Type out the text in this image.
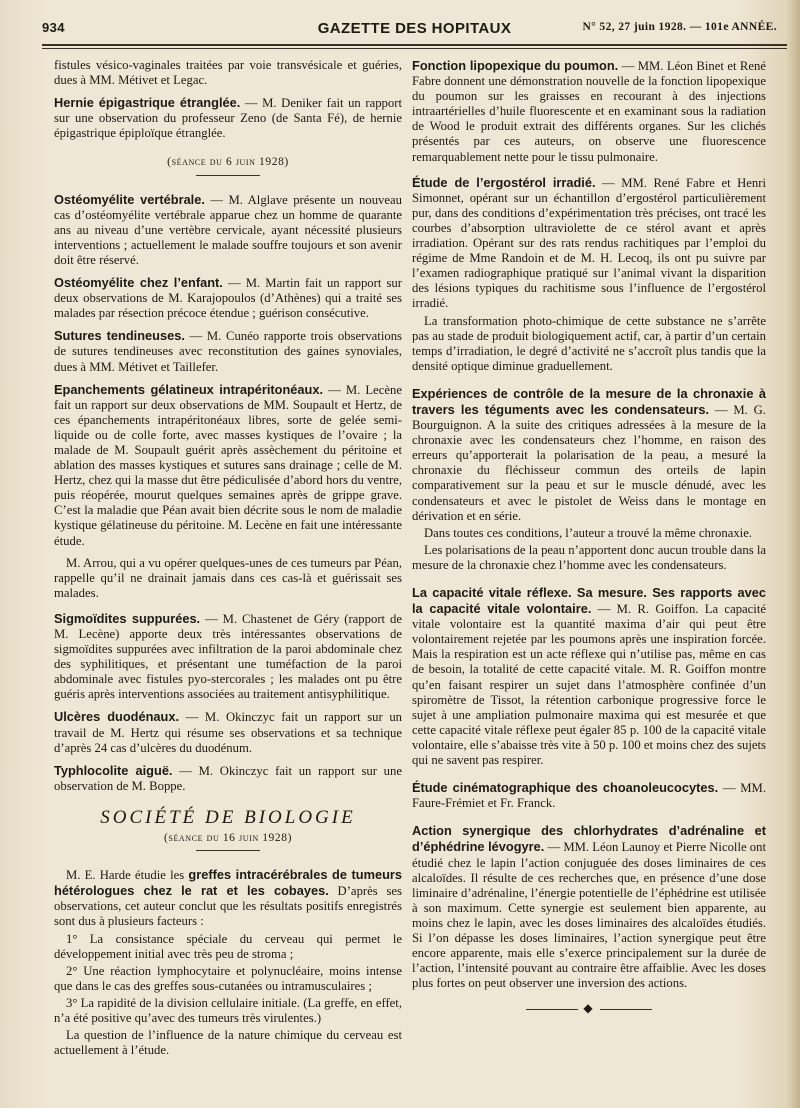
934	GAZETTE DES HOPITAUX	N° 52, 27 juin 1928. — 101e ANNÉE.

fistules vésico-vaginales traitées par voie transvésicale et guéries, dues à MM. Métivet et Legac.

Hernie épigastrique étranglée. — M. Deniker fait un rapport sur une observation du professeur Zeno (de Santa Fé), de hernie épigastrique épiploïque étranglée.

(séance du 6 juin 1928)

Ostéomyélite vertébrale. — M. Alglave présente un nouveau cas d’ostéomyélite vertébrale apparue chez un homme de quarante ans au niveau d’une vertèbre cervicale, ayant nécessité plusieurs interventions ; actuellement le malade souffre toujours et son avenir doit être réservé.

Ostéomyélite chez l’enfant. — M. Martin fait un rapport sur deux observations de M. Karajopoulos (d’Athènes) qui a traité ses malades par résection précoce étendue ; guérison consécutive.

Sutures tendineuses. — M. Cunéo rapporte trois observations de sutures tendineuses avec reconstitution des gaines synoviales, dues à MM. Métivet et Taillefer.

Epanchements gélatineux intrapéritonéaux. — M. Lecène fait un rapport sur deux observations de MM. Soupault et Hertz, de ces épanchements intrapéritonéaux libres, sorte de gelée semi-liquide ou de colle forte, avec masses kystiques de l’ovaire ; la malade de M. Soupault guérit après assèchement du péritoine et ablation des masses kystiques et sutures sans drainage ; celle de M. Hertz, chez qui la masse dut être pédiculisée d’abord hors du ventre, puis réopérée, mourut quelques semaines après de grippe grave. C’est la maladie que Péan avait bien décrite sous le nom de maladie kystique gélatineuse du péritoine. M. Lecène en fait une intéressante étude.

M. Arrou, qui a vu opérer quelques-unes de ces tumeurs par Péan, rappelle qu’il ne drainait jamais dans ces cas-là et guérissait ses malades.

Sigmoïdites suppurées. — M. Chastenet de Géry (rapport de M. Lecène) apporte deux très intéressantes observations de sigmoïdites suppurées avec infiltration de la paroi abdominale chez des syphilitiques, et présentant une tuméfaction de la paroi abdominale avec fistules pyo-stercorales ; les malades ont pu être guéris après interventions associées au traitement antisyphilitique.

Ulcères duodénaux. — M. Okinczyc fait un rapport sur un travail de M. Hertz qui résume ses observations et sa technique d’après 24 cas d’ulcères du duodénum.

Typhlocolite aiguë. — M. Okinczyc fait un rapport sur une observation de M. Boppe.

SOCIÉTÉ DE BIOLOGIE
(séance du 16 juin 1928)

M. E. Harde étudie les greffes intracérébrales de tumeurs hétérologues chez le rat et les cobayes. D’après ses observations, cet auteur conclut que les résultats positifs enregistrés sont dus à plusieurs facteurs :

1° La consistance spéciale du cerveau qui permet le développement initial avec très peu de stroma ;

2° Une réaction lymphocytaire et polynucléaire, moins intense que dans le cas des greffes sous-cutanées ou intramusculaires ;

3° La rapidité de la division cellulaire initiale. (La greffe, en effet, n’a été positive qu’avec des tumeurs très virulentes.)

La question de l’influence de la nature chimique du cerveau est actuellement à l’étude.

Fonction lipopexique du poumon. — MM. Léon Binet et René Fabre donnent une démonstration nouvelle de la fonction lipopexique du poumon sur les graisses en recourant à des injections intraartérielles d’huile fluorescente et en examinant sous la radiation de Wood le produit extrait des différents organes. Sur les clichés présentés par ces auteurs, on observe une fluorescence remarquablement nette pour le tissu pulmonaire.

Étude de l’ergostérol irradié. — MM. René Fabre et Henri Simonnet, opérant sur un échantillon d’ergostérol particulièrement pur, dans des conditions d’expérimentation très précises, ont tracé les courbes d’absorption ultraviolette de ce stérol avant et après irradiation. Opérant sur des rats rendus rachitiques par l’emploi du régime de Mme Randoin et de M. H. Lecoq, ils ont pu suivre par l’examen radiographique pratiqué sur l’animal vivant la disparition des lésions typiques du rachitisme sous l’influence de l’ergostérol irradié.

La transformation photo-chimique de cette substance ne s’arrête pas au stade de produit biologiquement actif, car, à partir d’un certain temps d’irradiation, le degré d’activité ne s’accroît plus tandis que la densité optique diminue graduellement.

Expériences de contrôle de la mesure de la chronaxie à travers les téguments avec les condensateurs. — M. G. Bourguignon. A la suite des critiques adressées à la mesure de la chronaxie avec les condensateurs chez l’homme, en raison des erreurs qu’apporterait la polarisation de la peau, a mesuré la chronaxie du fléchisseur commun des orteils de lapin comparativement sur la peau et sur le muscle dénudé, avec les condensateurs et avec le pistolet de Weiss dans le montage en dérivation et en série.

Dans toutes ces conditions, l’auteur a trouvé la même chronaxie.

Les polarisations de la peau n’apportent donc aucun trouble dans la mesure de la chronaxie chez l’homme avec les condensateurs.

La capacité vitale réflexe. Sa mesure. Ses rapports avec la capacité vitale volontaire. — M. R. Goiffon. La capacité vitale volontaire est la quantité maxima d’air qui peut être volontairement rejetée par les poumons après une inspiration forcée. Mais la respiration est un acte réflexe qui n’utilise pas, même en cas de besoin, la totalité de cette capacité vitale. M. R. Goiffon montre qu’en faisant respirer un sujet dans l’atmosphère confinée d’un spiromètre de Tissot, la rétention carbonique progressive force le sujet à une ampliation pulmonaire maxima qui est mesurée et que cette capacité vitale réflexe peut égaler 85 p. 100 de la capacité vitale volontaire, elle s’abaisse très vite à 50 p. 100 et moins chez des sujets qui ne savent pas respirer.

Étude cinématographique des choanoleucocytes. — MM. Faure-Frémiet et Fr. Franck.

Action synergique des chlorhydrates d’adrénaline et d’éphédrine lévogyre. — MM. Léon Launoy et Pierre Nicolle ont étudié chez le lapin l’action conjuguée des doses liminaires de ces alcaloïdes. Il résulte de ces recherches que, en présence d’une dose liminaire d’adrénaline, l’énergie potentielle de l’éphédrine est utilisée à son maximum. Cette synergie est seulement bien apparente, au moins chez le lapin, avec les doses liminaires des alcaloïdes étudiés. Si l’on dépasse les doses liminaires, l’action synergique peut être encore apparente, mais elle s’exerce principalement sur la durée de l’action, l’intensité pouvant au contraire être affaiblie. Avec les doses plus fortes on peut observer une inversion des actions.

◆
